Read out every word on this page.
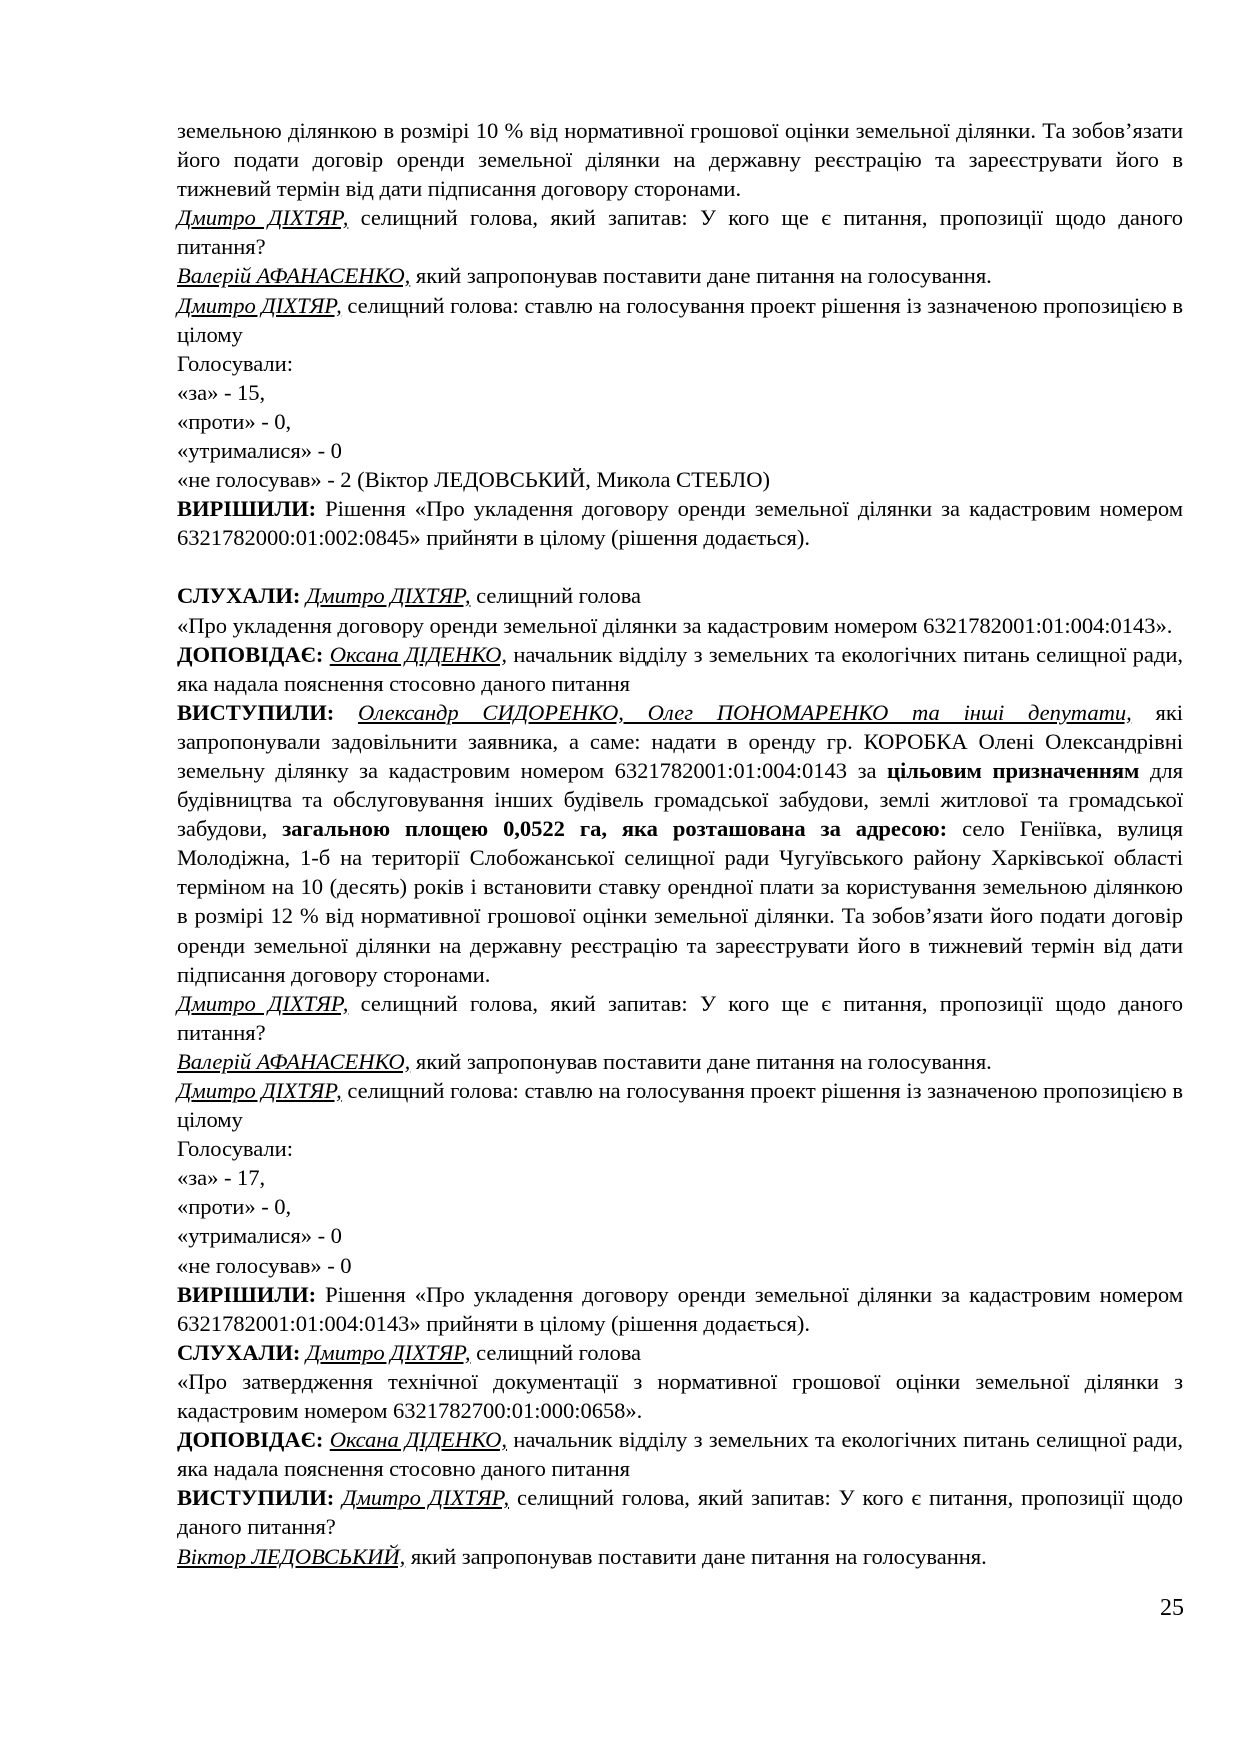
земельною ділянкою в розмірі 10 % від нормативної грошової оцінки земельної ділянки. Та зобов’язати його подати договір оренди земельної ділянки на державну реєстрацію та зареєструвати його в тижневий термін від дати підписання договору сторонами.

Дмитро ДІХТЯР, селищний голова, який запитав: У кого ще є питання, пропозиції щодо даного питання?

Валерій АФАНАСЕНКО, який запропонував поставити дане питання на голосування.

Дмитро ДІХТЯР, селищний голова: ставлю на голосування проект рішення із зазначеною пропозицією в цілому

Голосували:

«за» - 15,

«проти» - 0,

«утрималися» - 0

«не голосував» - 2 (Віктор ЛЕДОВСЬКИЙ, Микола СТЕБЛО)

ВИРІШИЛИ: Рішення «Про укладення договору оренди земельної ділянки за кадастровим номером 6321782000:01:002:0845» прийняти в цілому (рішення додається).

СЛУХАЛИ: Дмитро ДІХТЯР, селищний голова

«Про укладення договору оренди земельної ділянки за кадастровим номером 6321782001:01:004:0143».

ДОПОВІДАЄ: Оксана ДІДЕНКО, начальник відділу з земельних та екологічних питань селищної ради, яка надала пояснення стосовно даного питання

ВИСТУПИЛИ: Олександр СИДОРЕНКО, Олег ПОНОМАРЕНКО та інші депутати, які запропонували задовільнити заявника, а саме: надати в оренду гр. КОРОБКА Олені Олександрівні земельну ділянку за кадастровим номером 6321782001:01:004:0143 за цільовим призначенням для будівництва та обслуговування інших будівель громадської забудови, землі житлової та громадської забудови, загальною площею 0,0522 га, яка розташована за адресою: село Геніївка, вулиця Молодіжна, 1-б на території Слобожанської селищної ради Чугуївського району Харківської області терміном на 10 (десять) років і встановити ставку орендної плати за користування земельною ділянкою в розмірі 12 % від нормативної грошової оцінки земельної ділянки. Та зобов’язати його подати договір оренди земельної ділянки на державну реєстрацію та зареєструвати його в тижневий термін від дати підписання договору сторонами.

Дмитро ДІХТЯР, селищний голова, який запитав: У кого ще є питання, пропозиції щодо даного питання?

Валерій АФАНАСЕНКО, який запропонував поставити дане питання на голосування.

Дмитро ДІХТЯР, селищний голова: ставлю на голосування проект рішення із зазначеною пропозицією в цілому

Голосували:

«за» - 17,

«проти» - 0,

«утрималися» - 0

«не голосував» - 0

ВИРІШИЛИ: Рішення «Про укладення договору оренди земельної ділянки за кадастровим номером 6321782001:01:004:0143» прийняти в цілому (рішення додається).

СЛУХАЛИ: Дмитро ДІХТЯР, селищний голова

«Про затвердження технічної документації з нормативної грошової оцінки земельної ділянки з кадастровим номером 6321782700:01:000:0658».

ДОПОВІДАЄ: Оксана ДІДЕНКО, начальник відділу з земельних та екологічних питань селищної ради, яка надала пояснення стосовно даного питання

ВИСТУПИЛИ: Дмитро ДІХТЯР, селищний голова, який запитав: У кого є питання, пропозиції щодо даного питання?

Віктор ЛЕДОВСЬКИЙ, який запропонував поставити дане питання на голосування.

25
